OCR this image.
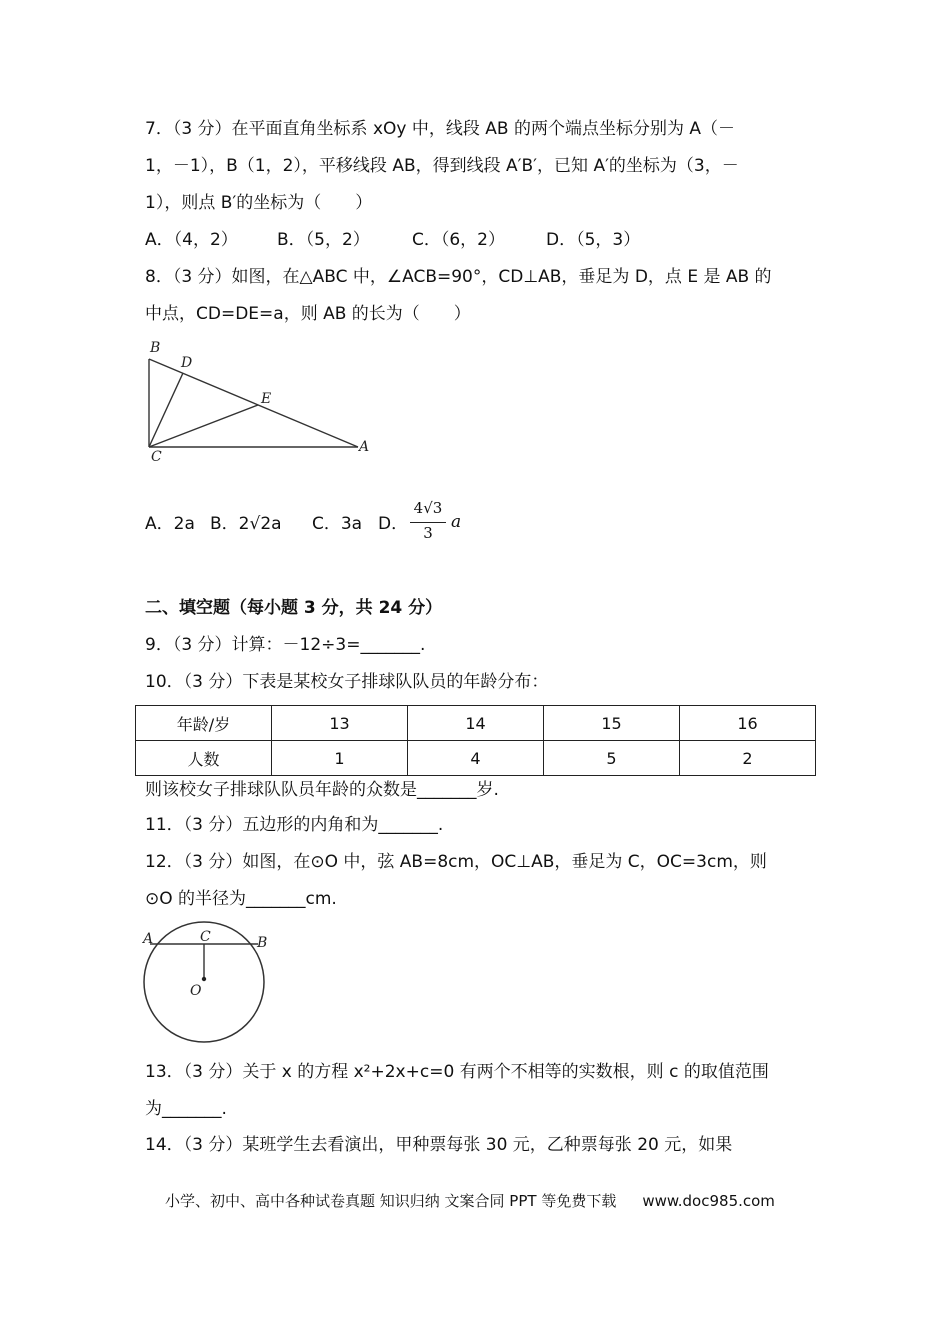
7．（3 分）在平面直角坐标系 xOy 中，线段 AB 的两个端点坐标分别为 A（－
1，－1），B（1，2），平移线段 AB，得到线段 A′B′，已知 A′的坐标为（3，－
1），则点 B′的坐标为（　　）
A．（4，2） B．（5，2） C．（6，2） D．（5，3）
8．（3 分）如图，在△ABC 中，∠ACB=90°，CD⊥AB，垂足为 D，点 E 是 AB 的
中点，CD=DE=a，则 AB 的长为（　　）
B
D
E
C
A
A．2a B．2√2a C．3a D．
4√3
3
a
二、填空题（每小题 3 分，共 24 分）
9．（3 分）计算：－12÷3=_______.
10．（3 分）下表是某校女子排球队队员的年龄分布：
年龄/岁	13	14	15	16
人数	1	4	5	2
则该校女子排球队队员年龄的众数是_______岁.
11．（3 分）五边形的内角和为_______.
12．（3 分）如图，在⊙O 中，弦 AB=8cm，OC⊥AB，垂足为 C，OC=3cm，则
⊙O 的半径为_______cm.
A	C	B
O
13．（3 分）关于 x 的方程 x²+2x+c=0 有两个不相等的实数根，则 c 的取值范围
为_______.
14．（3 分）某班学生去看演出，甲种票每张 30 元，乙种票每张 20 元，如果
小学、初中、高中各种试卷真题 知识归纳 文案合同 PPT 等免费下载 www.doc985.com
